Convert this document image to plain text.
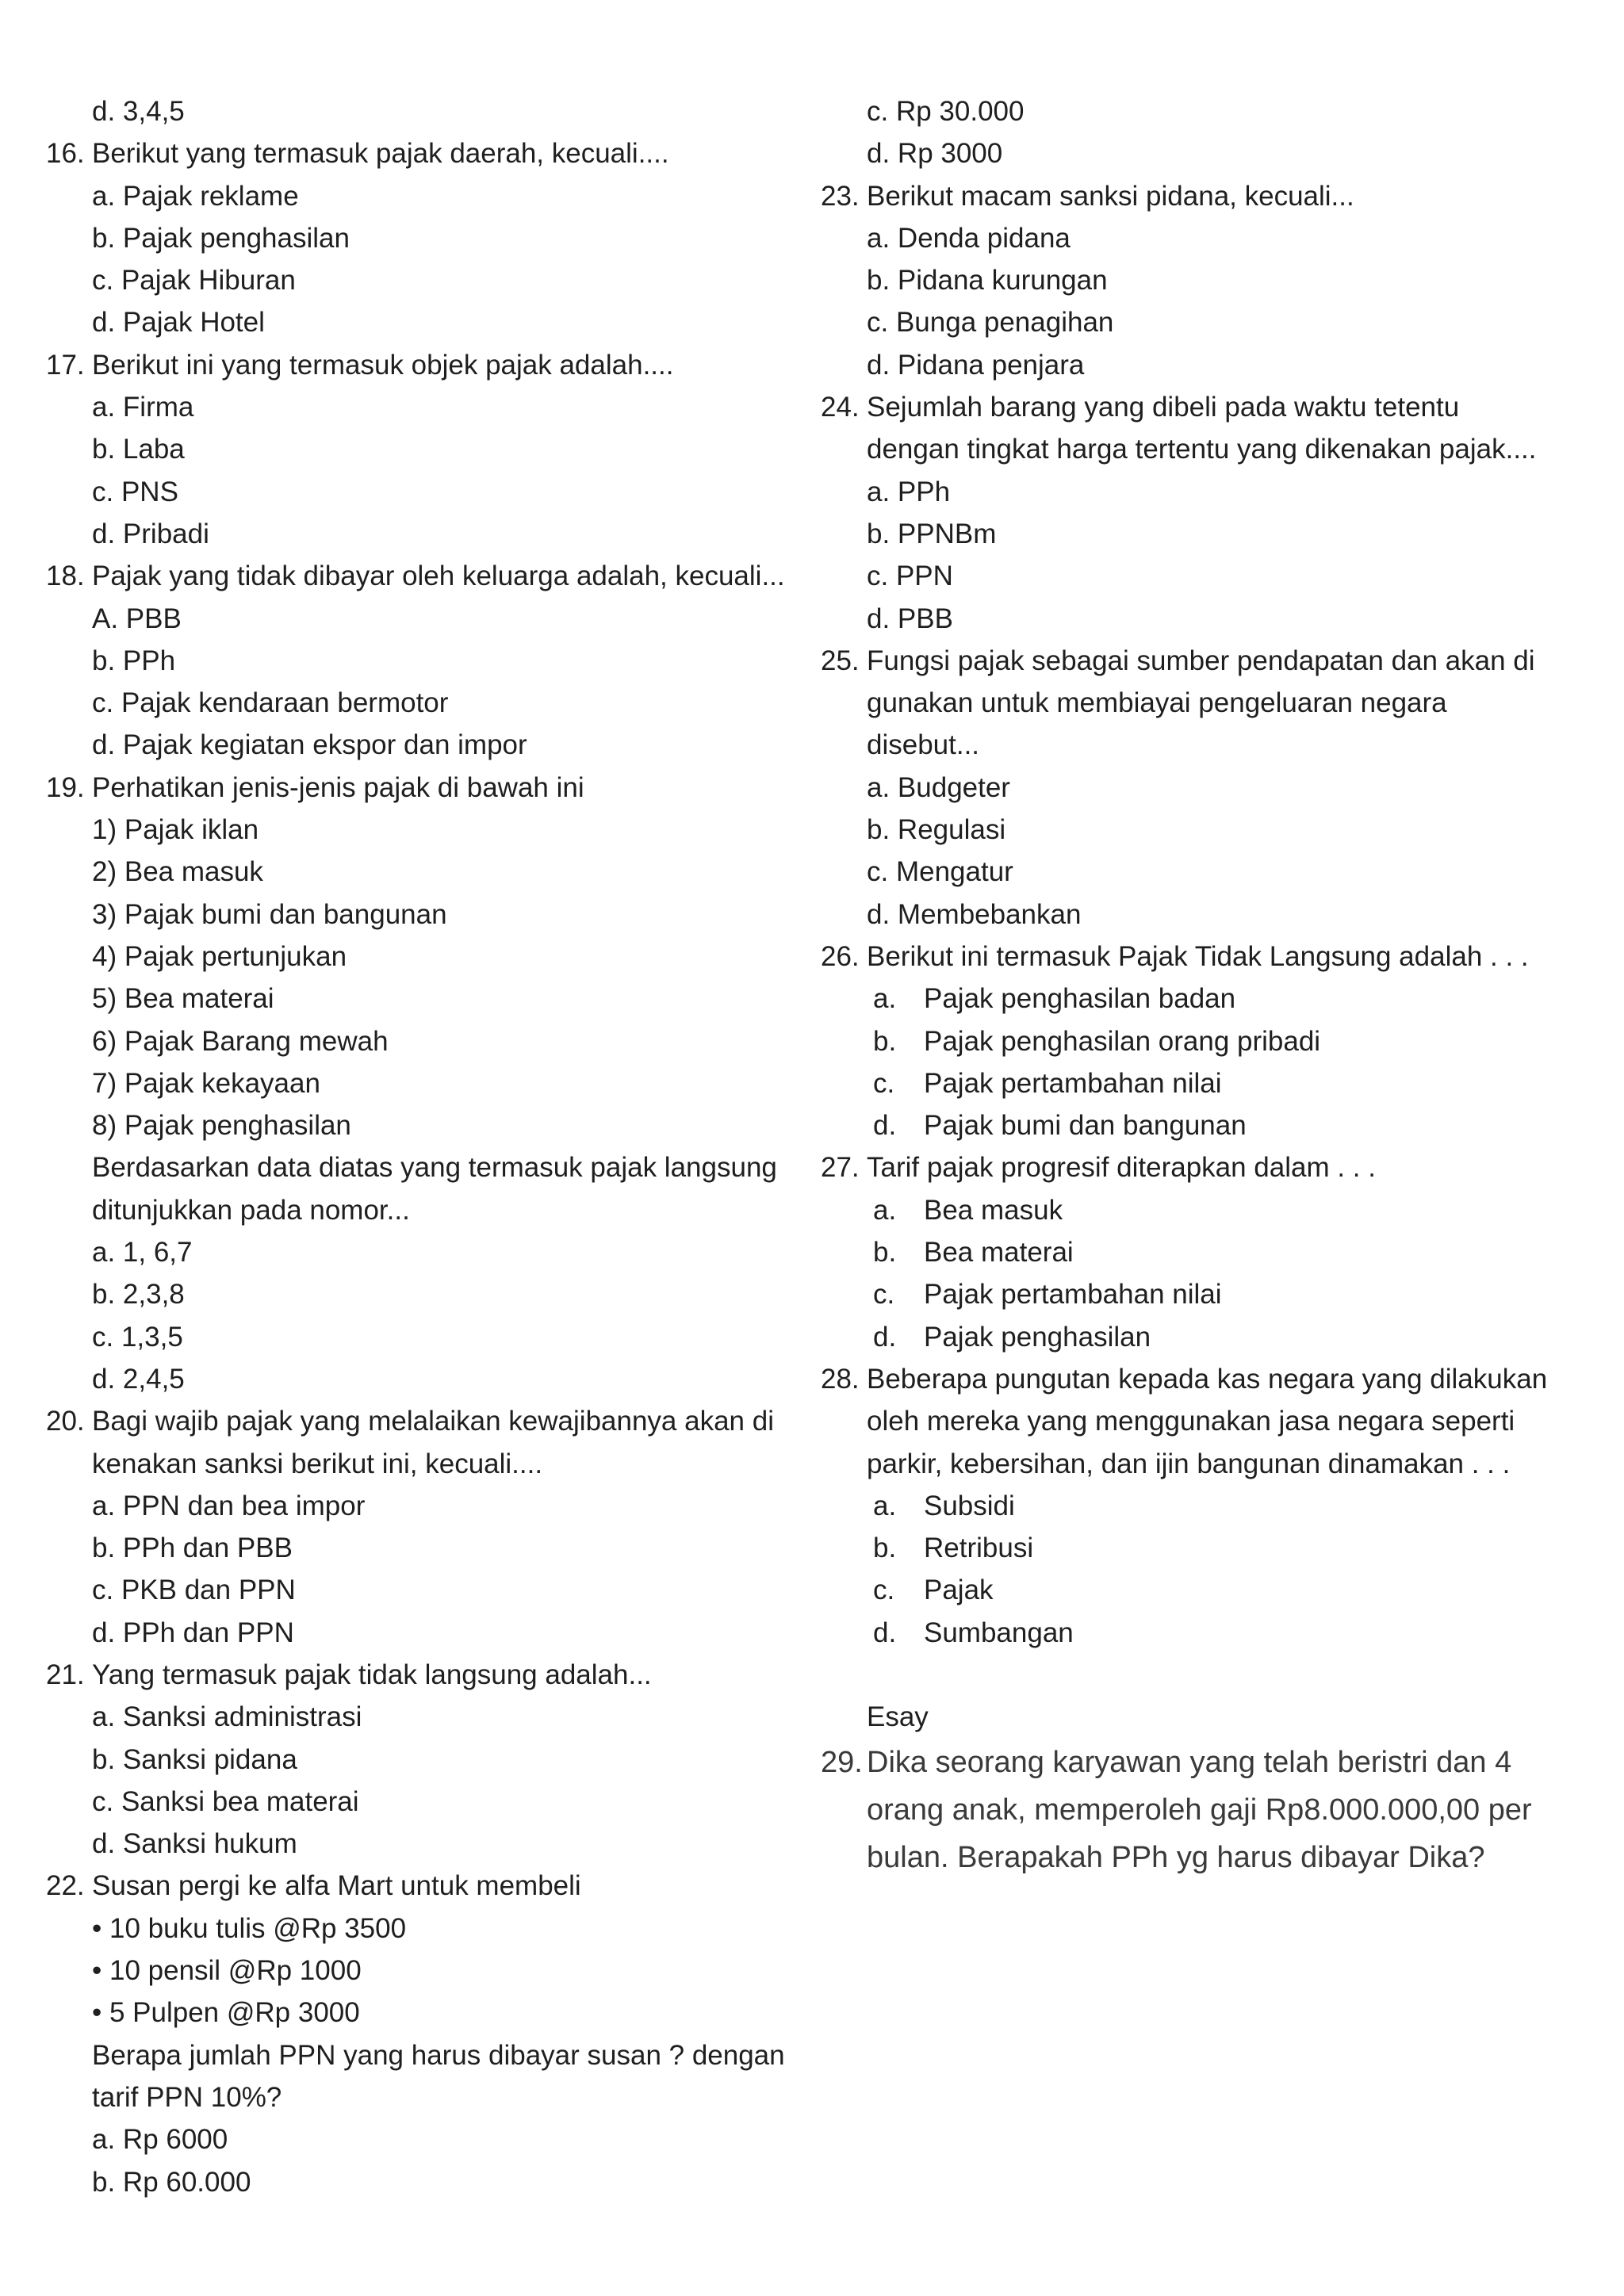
d. 3,4,5
16. Berikut yang termasuk pajak daerah, kecuali....
a. Pajak reklame
b. Pajak penghasilan
c. Pajak Hiburan
d. Pajak Hotel
17. Berikut ini yang termasuk objek pajak adalah....
a. Firma
b. Laba
c. PNS
d. Pribadi
18. Pajak yang tidak dibayar oleh keluarga adalah, kecuali...
A. PBB
b. PPh
c. Pajak kendaraan bermotor
d. Pajak kegiatan ekspor dan impor
19. Perhatikan jenis-jenis pajak di bawah ini
1) Pajak iklan
2) Bea masuk
3) Pajak bumi dan bangunan
4) Pajak pertunjukan
5) Bea materai
6) Pajak Barang mewah
7) Pajak kekayaan
8) Pajak penghasilan
Berdasarkan data diatas yang termasuk pajak langsung
ditunjukkan pada nomor...
a. 1, 6,7
b. 2,3,8
c. 1,3,5
d. 2,4,5
20. Bagi wajib pajak yang melalaikan kewajibannya akan di
kenakan sanksi berikut ini, kecuali....
a. PPN dan bea impor
b. PPh dan PBB
c. PKB dan PPN
d. PPh dan PPN
21. Yang termasuk pajak tidak langsung adalah...
a. Sanksi administrasi
b. Sanksi pidana
c. Sanksi bea materai
d. Sanksi hukum
22. Susan pergi ke alfa Mart untuk membeli
• 10 buku tulis @Rp 3500
• 10 pensil @Rp 1000
• 5 Pulpen @Rp 3000
Berapa jumlah PPN yang harus dibayar susan ? dengan
tarif PPN 10%?
a. Rp 6000
b. Rp 60.000
c. Rp 30.000
d. Rp 3000
23. Berikut macam sanksi pidana, kecuali...
a. Denda pidana
b. Pidana kurungan
c. Bunga penagihan
d. Pidana penjara
24. Sejumlah barang yang dibeli pada waktu tetentu
dengan tingkat harga tertentu yang dikenakan pajak....
a. PPh
b. PPNBm
c. PPN
d. PBB
25. Fungsi pajak sebagai sumber pendapatan dan akan di
gunakan untuk membiayai pengeluaran negara
disebut...
a. Budgeter
b. Regulasi
c. Mengatur
d. Membebankan
26. Berikut ini termasuk Pajak Tidak Langsung adalah . . .
a. Pajak penghasilan badan
b. Pajak penghasilan orang pribadi
c. Pajak pertambahan nilai
d. Pajak bumi dan bangunan
27. Tarif pajak progresif diterapkan dalam . . .
a. Bea masuk
b. Bea materai
c. Pajak pertambahan nilai
d. Pajak penghasilan
28. Beberapa pungutan kepada kas negara yang dilakukan
oleh mereka yang menggunakan jasa negara seperti
parkir, kebersihan, dan ijin bangunan dinamakan . . .
a. Subsidi
b. Retribusi
c. Pajak
d. Sumbangan
Esay
29. Dika seorang karyawan yang telah beristri dan 4
orang anak, memperoleh gaji Rp8.000.000,00 per
bulan. Berapakah PPh yg harus dibayar Dika?
